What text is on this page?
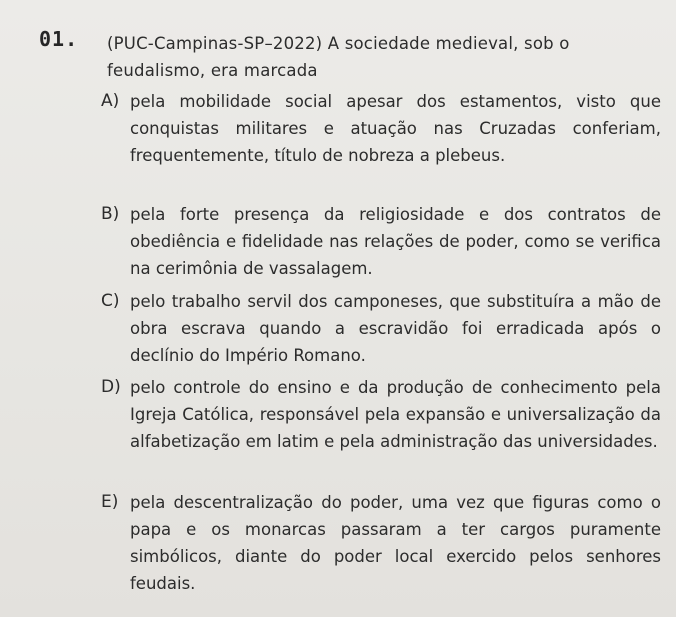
01. (PUC-Campinas-SP–2022) A sociedade medieval, sob o feudalismo, era marcada
A) pela mobilidade social apesar dos estamentos, visto que conquistas militares e atuação nas Cruzadas conferiam, frequentemente, título de nobreza a plebeus.
B) pela forte presença da religiosidade e dos contratos de obediência e fidelidade nas relações de poder, como se verifica na cerimônia de vassalagem.
C) pelo trabalho servil dos camponeses, que substituíra a mão de obra escrava quando a escravidão foi erradicada após o declínio do Império Romano.
D) pelo controle do ensino e da produção de conhecimento pela Igreja Católica, responsável pela expansão e universalização da alfabetização em latim e pela administração das universidades.
E) pela descentralização do poder, uma vez que figuras como o papa e os monarcas passaram a ter cargos puramente simbólicos, diante do poder local exercido pelos senhores feudais.
